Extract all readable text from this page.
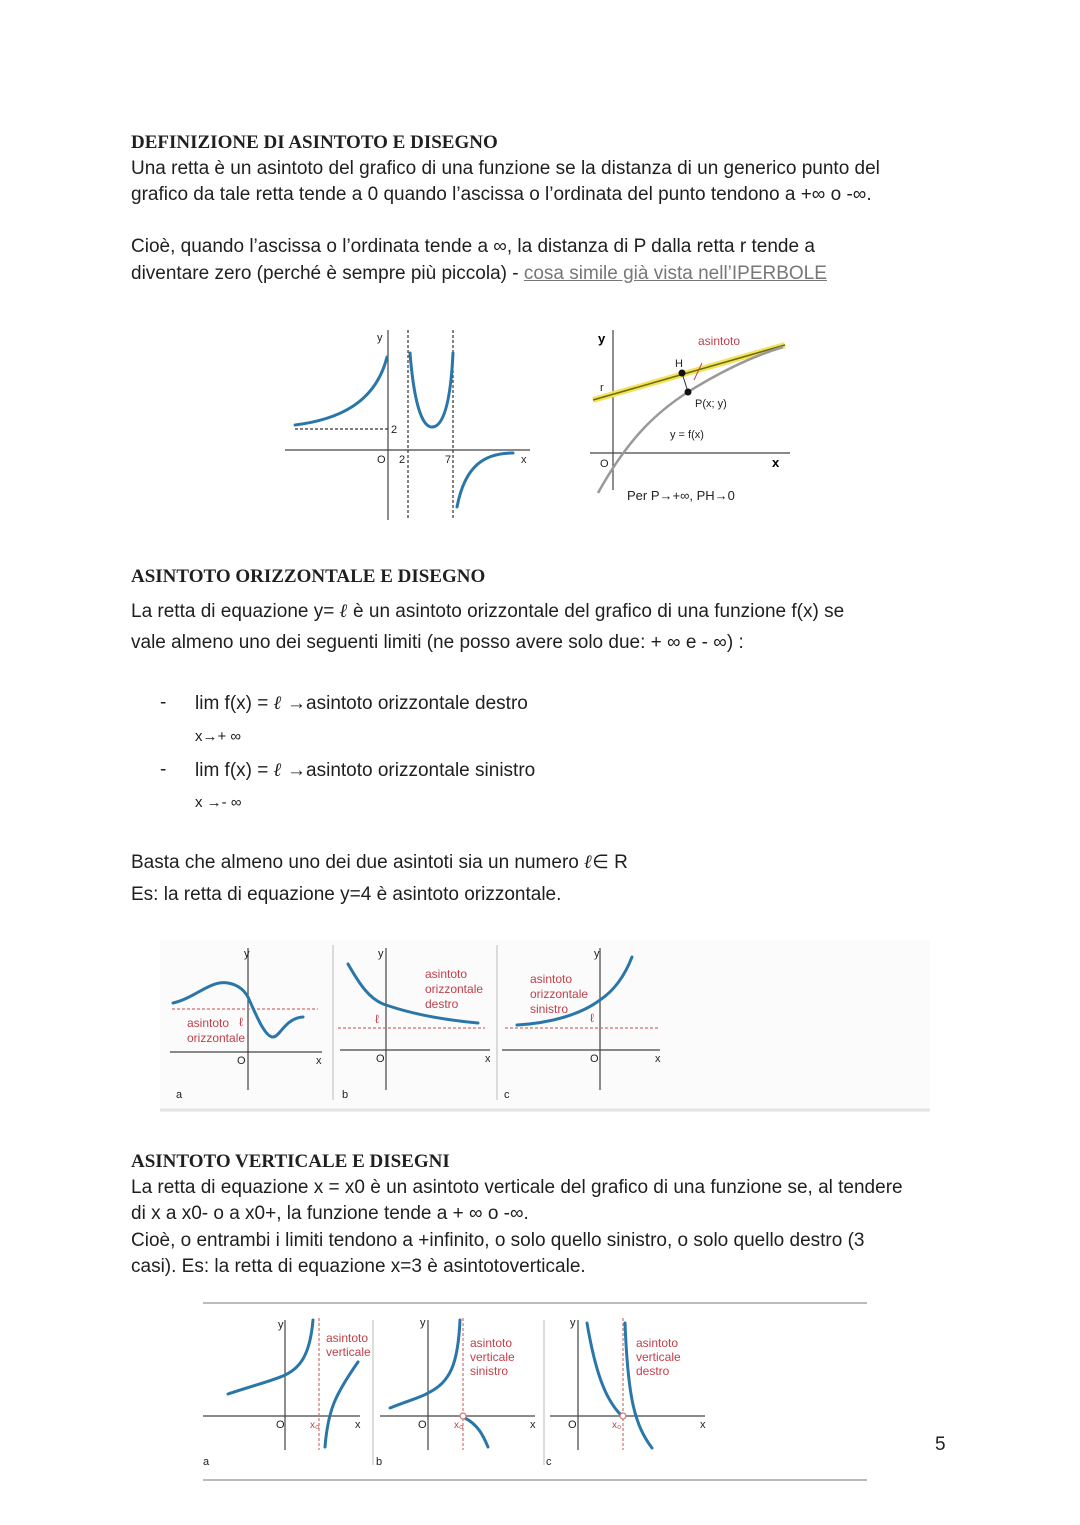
DEFINIZIONE DI ASINTOTO E DISEGNO
Una retta è un asintoto del grafico di una funzione se la distanza di un generico punto del
grafico da tale retta tende a 0 quando l’ascissa o l’ordinata del punto tendono a +∞ o -∞.
Cioè, quando l’ascissa o l’ordinata tende a ∞, la distanza di P dalla retta r tende a
diventare zero (perché è sempre più piccola) - cosa simile già vista nell’IPERBOLE
y
x
O
2
2	7
y
x
O
r
H
asintoto
P(x; y)
y = f(x)
Per P→+∞, PH→0
ASINTOTO ORIZZONTALE E DISEGNO
La retta di equazione y= ℓ è un asintoto orizzontale del grafico di una funzione f(x) se
vale almeno uno dei seguenti limiti (ne posso avere solo due: + ∞ e - ∞) :
- lim f(x) = ℓ →asintoto orizzontale destro
x→+ ∞
- lim f(x) = ℓ →asintoto orizzontale sinistro
x →- ∞
Basta che almeno uno dei due asintoti sia un numero ℓ∈ R
Es: la retta di equazione y=4 è asintoto orizzontale.
y
x
O
ℓ
asintoto
orizzontale
a
y
x
O
ℓ
asintoto
orizzontale
destro
b
y
x
O
ℓ
asintoto
orizzontale
sinistro
c
ASINTOTO VERTICALE E DISEGNI
La retta di equazione x = x0 è un asintoto verticale del grafico di una funzione se, al tendere
di x a x0- o a x0+, la funzione tende a + ∞ o -∞.
Cioè, o entrambi i limiti tendono a +infinito, o solo quello sinistro, o solo quello destro (3
casi). Es: la retta di equazione x=3 è asintotoverticale.
y
x
O	x₀
asintoto
verticale
a
y
x
O	x₀
asintoto
verticale
sinistro
b
y
x
O	x₀
asintoto
verticale
destro
c
5
